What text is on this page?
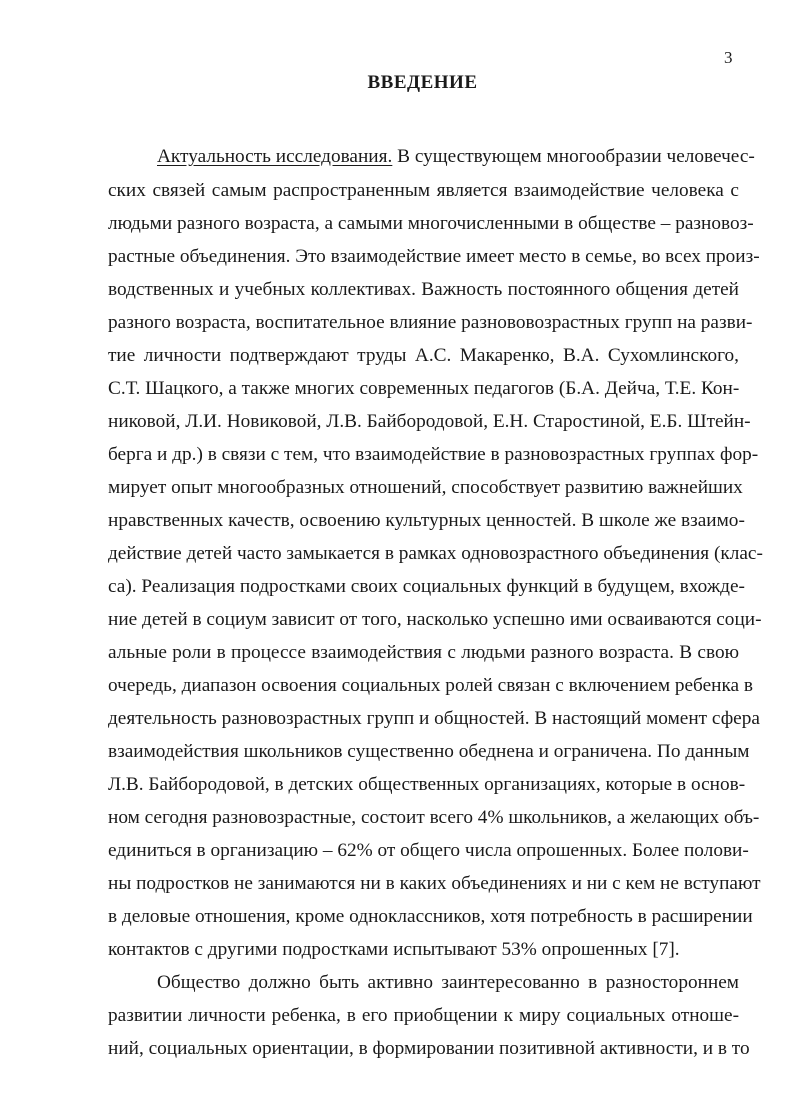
3
ВВЕДЕНИЕ
Актуальность исследования. В существующем многообразии человечес-
ских связей самым распространенным является взаимодействие человека с
людьми разного возраста, а самыми многочисленными в обществе – разновоз-
растные объединения. Это взаимодействие имеет место в семье, во всех произ-
водственных и учебных коллективах. Важность постоянного общения детей
разного возраста, воспитательное влияние разнововозрастных групп на разви-
тие личности подтверждают труды А.С. Макаренко, В.А. Сухомлинского,
С.Т. Шацкого, а также многих современных педагогов (Б.А. Дейча, Т.Е. Кон-
никовой, Л.И. Новиковой, Л.В. Байбородовой, Е.Н. Старостиной, Е.Б. Штейн-
берга и др.) в связи с тем, что взаимодействие в разновозрастных группах фор-
мирует опыт многообразных отношений, способствует развитию важнейших
нравственных качеств, освоению культурных ценностей. В школе же взаимо-
действие детей часто замыкается в рамках одновозрастного объединения (клас-
са). Реализация подростками своих социальных функций в будущем, вхожде-
ние детей в социум зависит от того, насколько успешно ими осваиваются соци-
альные роли в процессе взаимодействия с людьми разного возраста. В свою
очередь, диапазон освоения социальных ролей связан с включением ребенка в
деятельность разновозрастных групп и общностей. В настоящий момент сфера
взаимодействия школьников существенно обеднена и ограничена. По данным
Л.В. Байбородовой, в детских общественных организациях, которые в основ-
ном сегодня разновозрастные, состоит всего 4% школьников, а желающих объ-
единиться в организацию – 62% от общего числа опрошенных. Более полови-
ны подростков не занимаются ни в каких объединениях и ни с кем не вступают
в деловые отношения, кроме одноклассников, хотя потребность в расширении
контактов с другими подростками испытывают 53% опрошенных [7].
Общество должно быть активно заинтересованно в разностороннем
развитии личности ребенка, в его приобщении к миру социальных отноше-
ний, социальных ориентации, в формировании позитивной активности, и в то
